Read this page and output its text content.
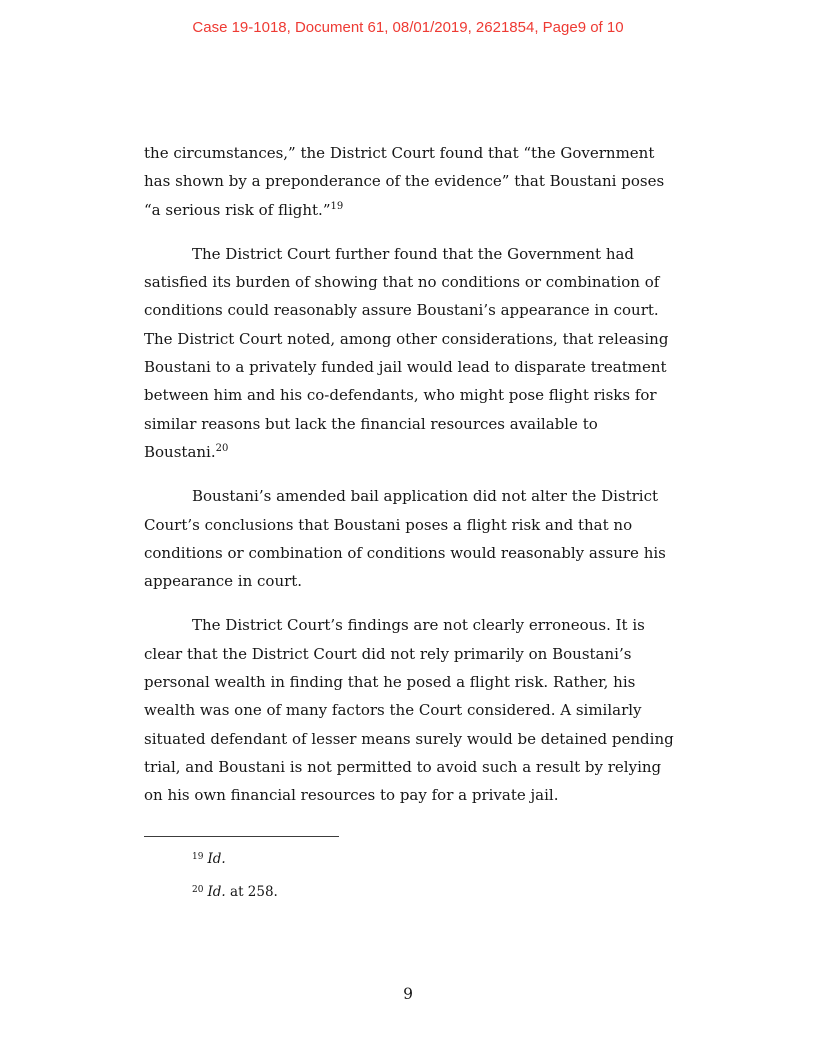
Case 19-1018, Document 61, 08/01/2019, 2621854, Page9 of 10

the circumstances,” the District Court found that “the Government
has shown by a preponderance of the evidence” that Boustani poses
“a serious risk of flight.”$^{19}$

The District Court further found that the Government had
satisfied its burden of showing that no conditions or combination of
conditions could reasonably assure Boustani’s appearance in court.
The District Court noted, among other considerations, that releasing
Boustani to a privately funded jail would lead to disparate treatment
between him and his co-defendants, who might pose flight risks for
similar reasons but lack the financial resources available to
Boustani.$^{20}$

Boustani’s amended bail application did not alter the District
Court’s conclusions that Boustani poses a flight risk and that no
conditions or combination of conditions would reasonably assure his
appearance in court.

The District Court’s findings are not clearly erroneous. It is
clear that the District Court did not rely primarily on Boustani’s
personal wealth in finding that he posed a flight risk. Rather, his
wealth was one of many factors the Court considered. A similarly
situated defendant of lesser means surely would be detained pending
trial, and Boustani is not permitted to avoid such a result by relying
on his own financial resources to pay for a private jail.

$^{19}$ Id.
$^{20}$ Id. at 258.
9
